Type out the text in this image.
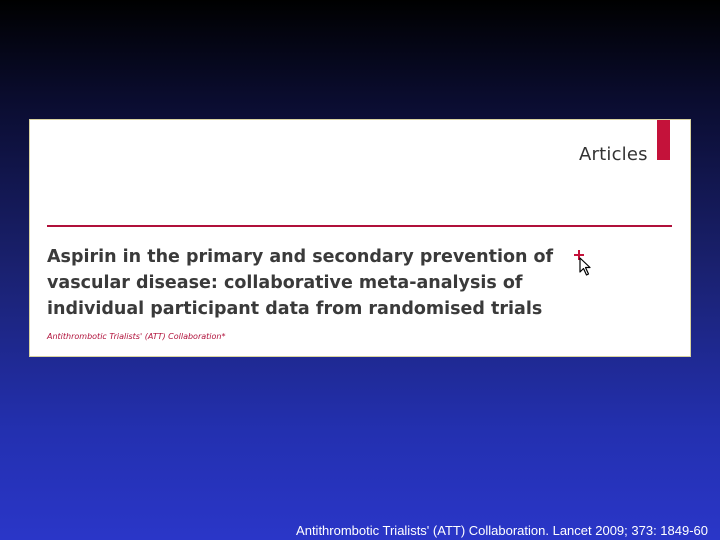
Articles
Aspirin in the primary and secondary prevention of vascular disease: collaborative meta-analysis of individual participant data from randomised trials
Antithrombotic Trialists' (ATT) Collaboration*
Antithrombotic Trialists' (ATT) Collaboration. Lancet 2009; 373: 1849-60
